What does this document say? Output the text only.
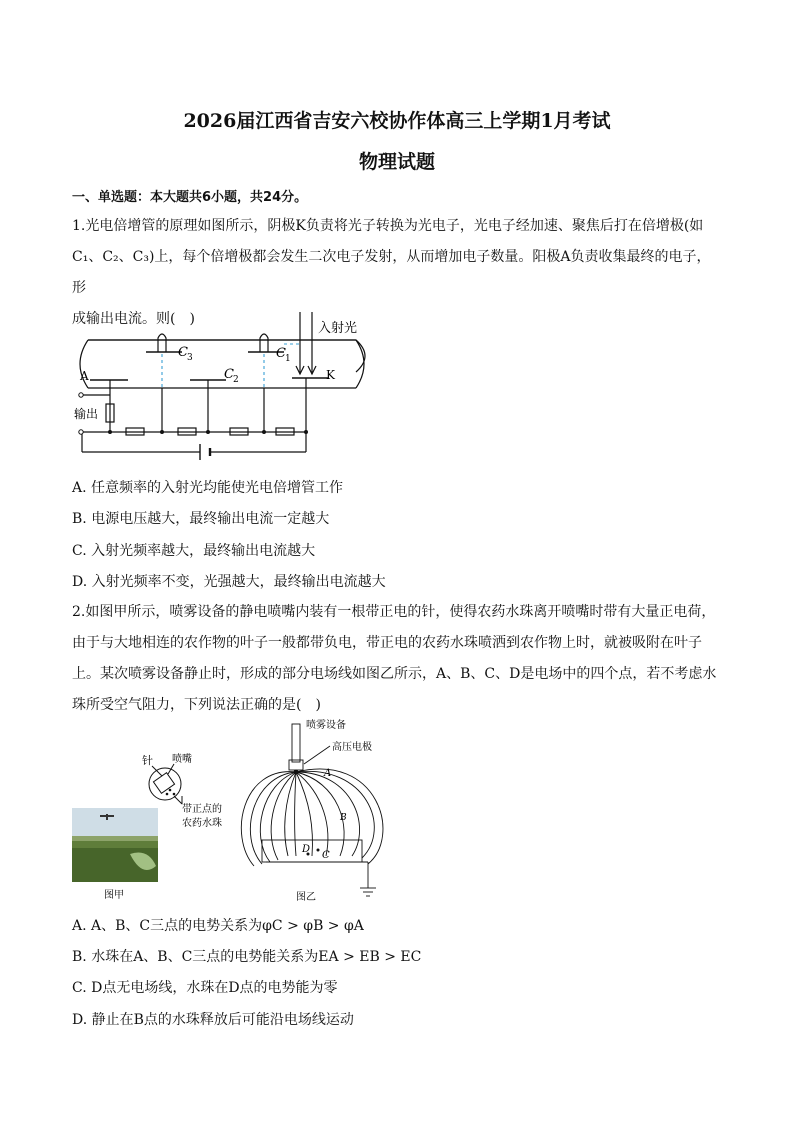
2026届江西省吉安六校协作体高三上学期1月考试
物理试题
一、单选题：本大题共6小题，共24分。
1.光电倍增管的原理如图所示，阴极K负责将光子转换为光电子，光电子经加速、聚焦后打在倍增极(如
C₁、C₂、C₃)上，每个倍增极都会发生二次电子发射，从而增加电子数量。阳极A负责收集最终的电子，形
成输出电流。则(　)
入射光
K
A
C 1
C 3
C 2
输出
A. 任意频率的入射光均能使光电倍增管工作
B. 电源电压越大，最终输出电流一定越大
C. 入射光频率越大，最终输出电流越大
D. 入射光频率不变，光强越大，最终输出电流越大
2.如图甲所示，喷雾设备的静电喷嘴内装有一根带正电的针，使得农药水珠离开喷嘴时带有大量正电荷，
由于与大地相连的农作物的叶子一般都带负电，带正电的农药水珠喷洒到农作物上时，就被吸附在叶子
上。某次喷雾设备静止时，形成的部分电场线如图乙所示，A、B、C、D是电场中的四个点，若不考虑水
珠所受空气阻力，下列说法正确的是(　)
针 喷嘴
带正点的
农药水珠
图甲
喷雾设备
高压电极
A
B
C
D
图乙
A. A、B、C三点的电势关系为φC > φB > φA
B. 水珠在A、B、C三点的电势能关系为EA > EB > EC
C. D点无电场线，水珠在D点的电势能为零
D. 静止在B点的水珠释放后可能沿电场线运动
